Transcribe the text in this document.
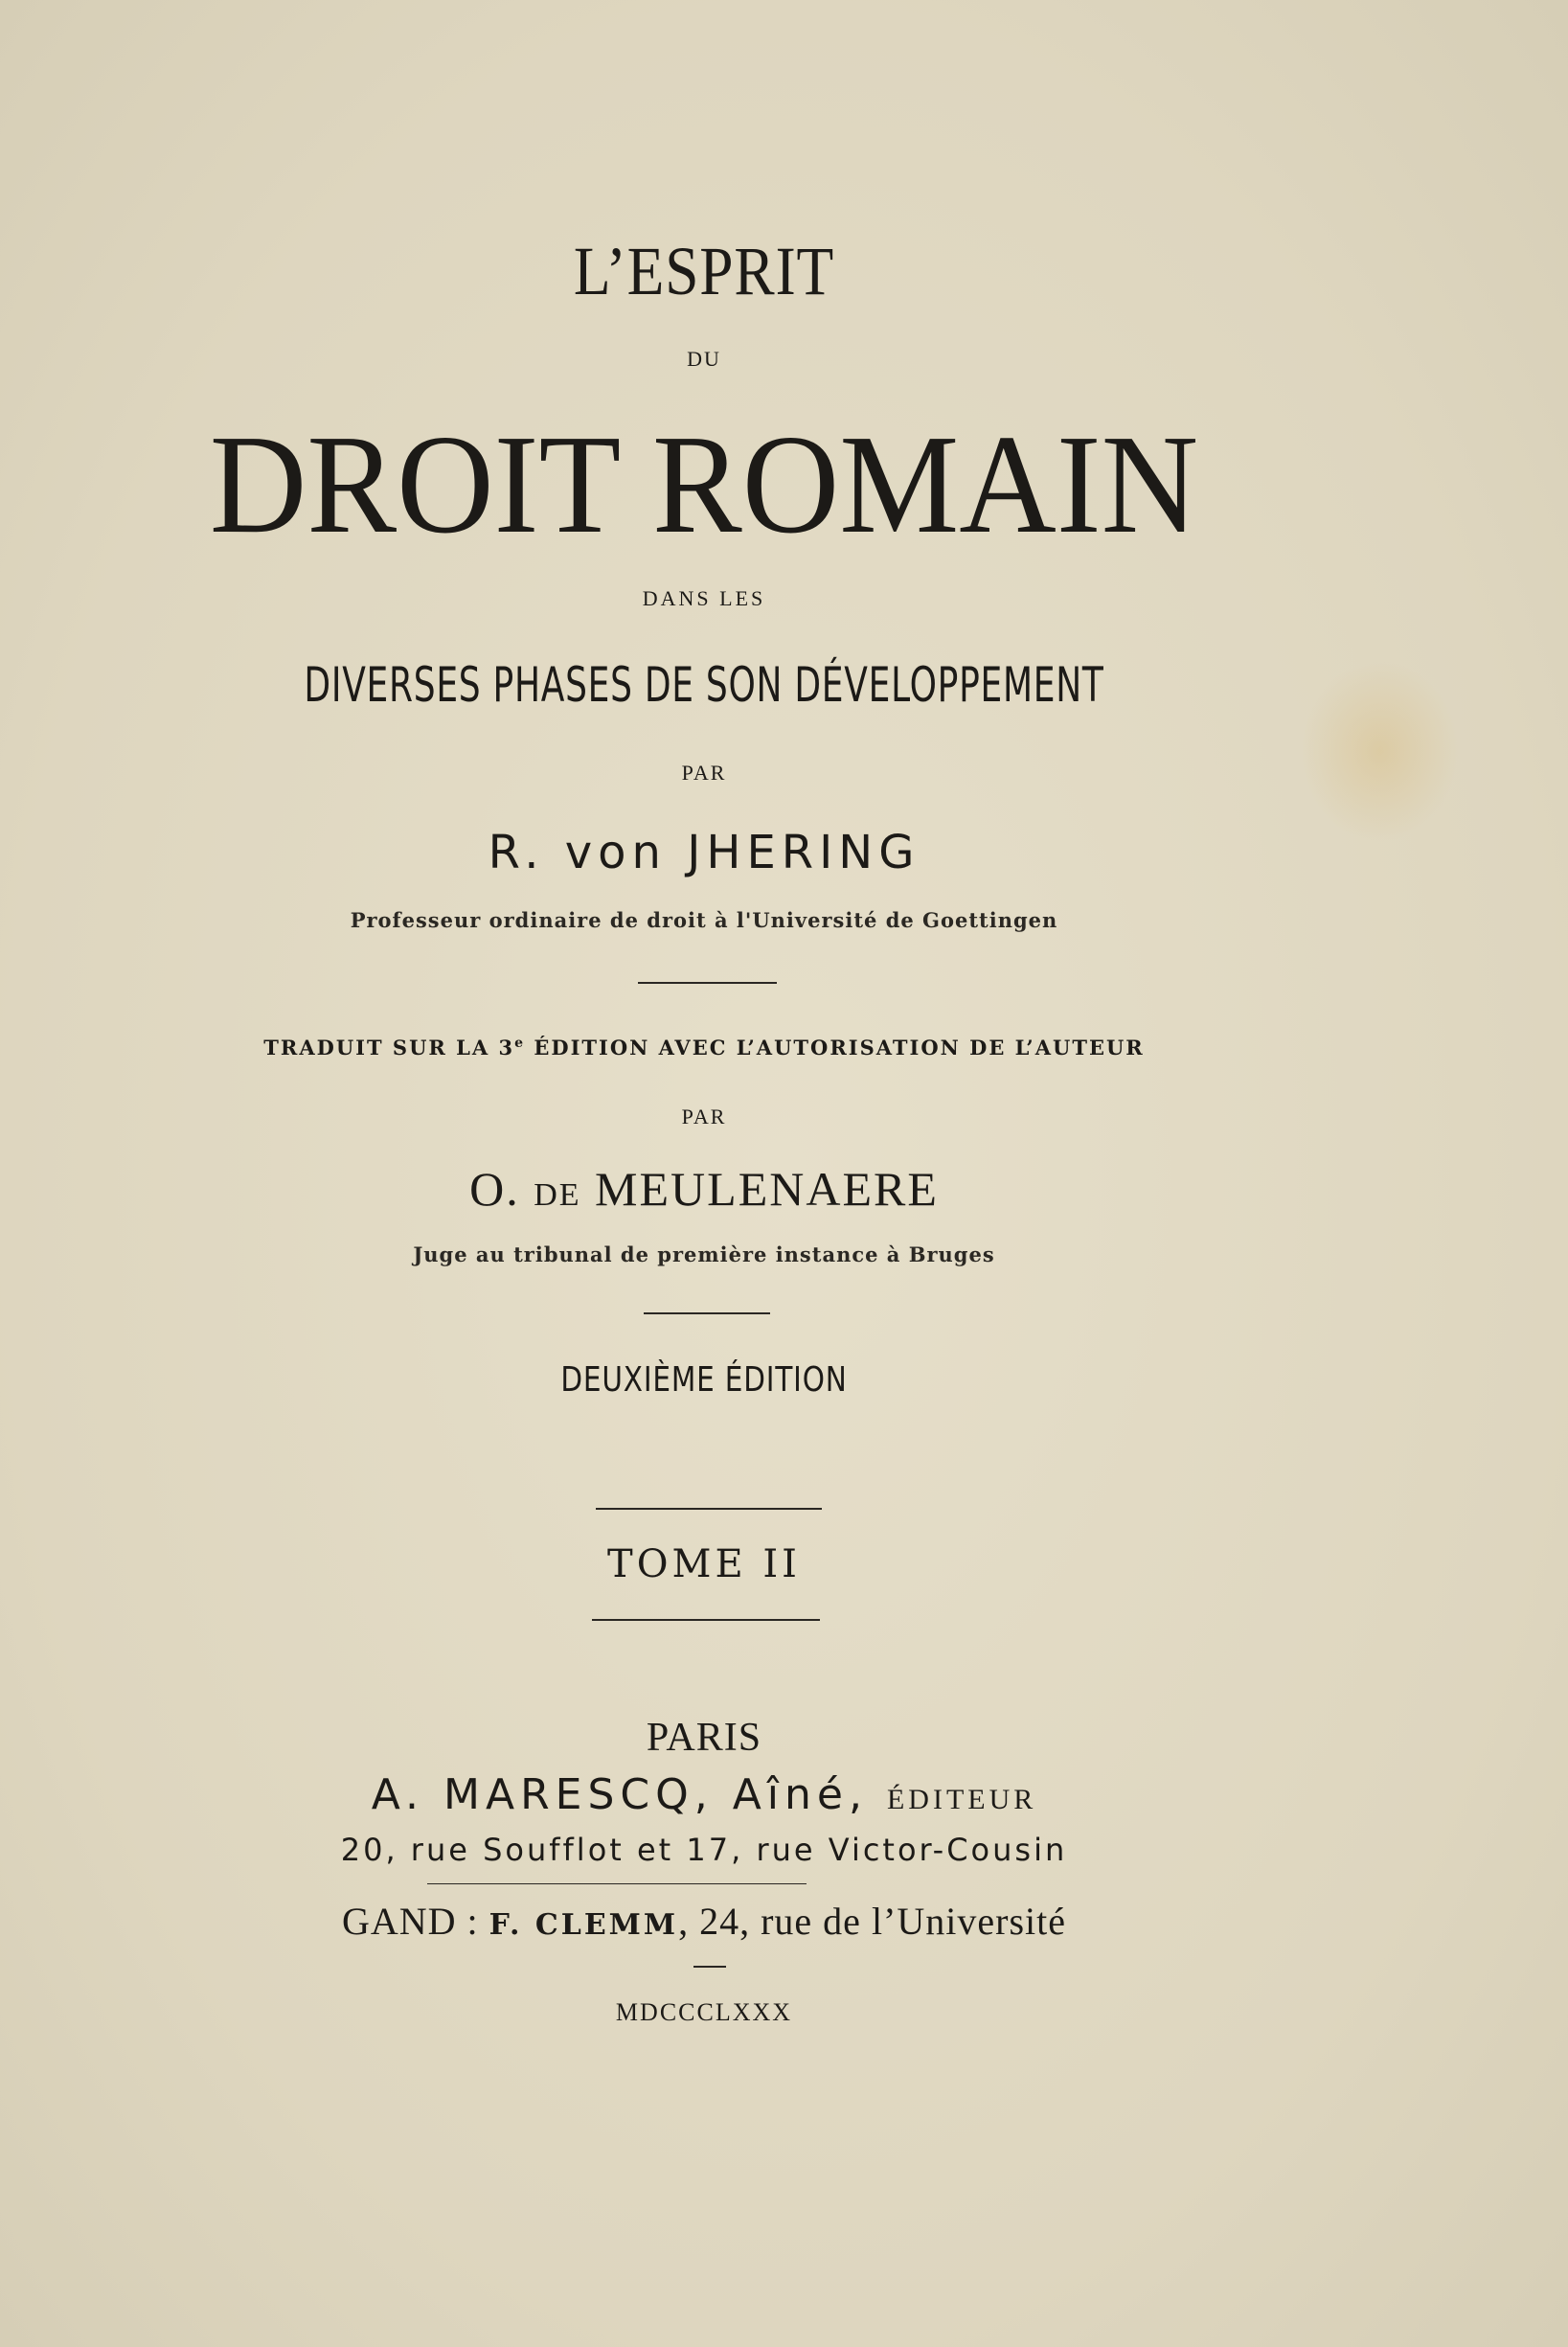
L’ESPRIT
DU
DROIT ROMAIN
DANS LES
DIVERSES PHASES DE SON DÉVELOPPEMENT
PAR
R. von JHERING
Professeur ordinaire de droit à l'Université de Goettingen
TRADUIT SUR LA 3e ÉDITION AVEC L’AUTORISATION DE L’AUTEUR
PAR
O. DE MEULENAERE
Juge au tribunal de première instance à Bruges
DEUXIÈME ÉDITION
TOME II
PARIS
A. MARESCQ, Aîné, ÉDITEUR
20, rue Soufflot et 17, rue Victor-Cousin
GAND : F. CLEMM, 24, rue de l’Université
MDCCCLXXX
